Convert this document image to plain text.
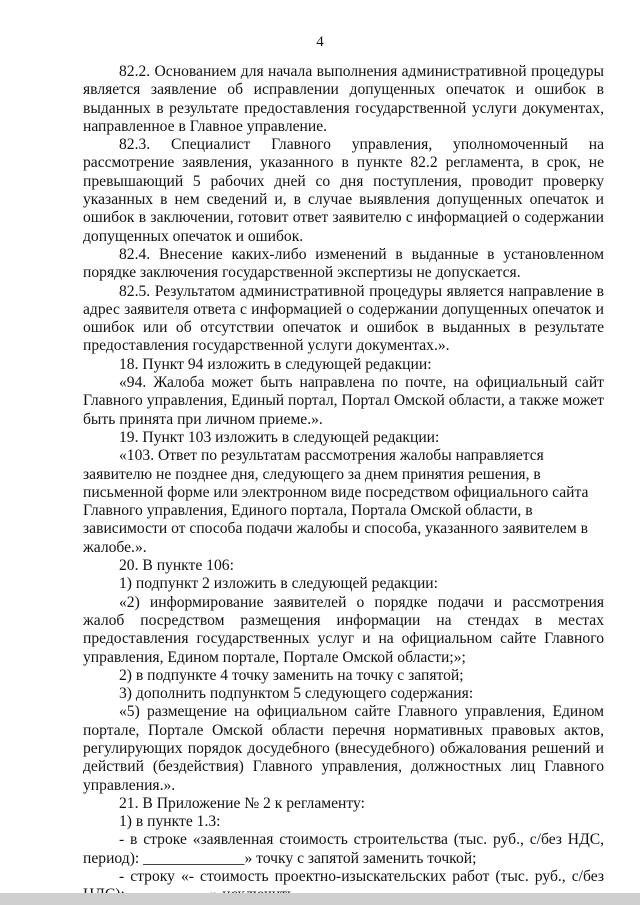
4

82.2. Основанием для начала выполнения административной процедуры является заявление об исправлении допущенных опечаток и ошибок в выданных в результате предоставления государственной услуги документах, направленное в Главное управление.

82.3. Специалист Главного управления, уполномоченный на рассмотрение заявления, указанного в пункте 82.2 регламента, в срок, не превышающий 5 рабочих дней со дня поступления, проводит проверку указанных в нем сведений и, в случае выявления допущенных опечаток и ошибок в заключении, готовит ответ заявителю с информацией о содержании допущенных опечаток и ошибок.

82.4. Внесение каких-либо изменений в выданные в установленном порядке заключения государственной экспертизы не допускается.

82.5. Результатом административной процедуры является направление в адрес заявителя ответа с информацией о содержании допущенных опечаток и ошибок или об отсутствии опечаток и ошибок в выданных в результате предоставления государственной услуги документах.».

18. Пункт 94 изложить в следующей редакции:

«94. Жалоба может быть направлена по почте, на официальный сайт Главного управления, Единый портал, Портал Омской области, а также может быть принята при личном приеме.».

19. Пункт 103 изложить в следующей редакции:

«103. Ответ по результатам рассмотрения жалобы направляется заявителю не позднее дня, следующего за днем принятия решения, в письменной форме или электронном виде посредством официального сайта Главного управления, Единого портала, Портала Омской области, в зависимости от способа подачи жалобы и способа, указанного заявителем в жалобе.».

20. В пункте 106:

1) подпункт 2 изложить в следующей редакции:

«2) информирование заявителей о порядке подачи и рассмотрения жалоб посредством размещения информации на стендах в местах предоставления государственных услуг и на официальном сайте Главного управления, Едином портале, Портале Омской области;»;

2) в подпункте 4 точку заменить на точку с запятой;

3) дополнить подпунктом 5 следующего содержания:

«5) размещение на официальном сайте Главного управления, Едином портале, Портале Омской области перечня нормативных правовых актов, регулирующих порядок досудебного (внесудебного) обжалования решений и действий (бездействия) Главного управления, должностных лиц Главного управления.».

21. В Приложение № 2 к регламенту:

1) в пункте 1.3:

- в строке «заявленная стоимость строительства (тыс. руб., с/без НДС, период): _____________» точку с запятой заменить точкой;

- строку «- стоимость проектно-изыскательских работ (тыс. руб., с/без
